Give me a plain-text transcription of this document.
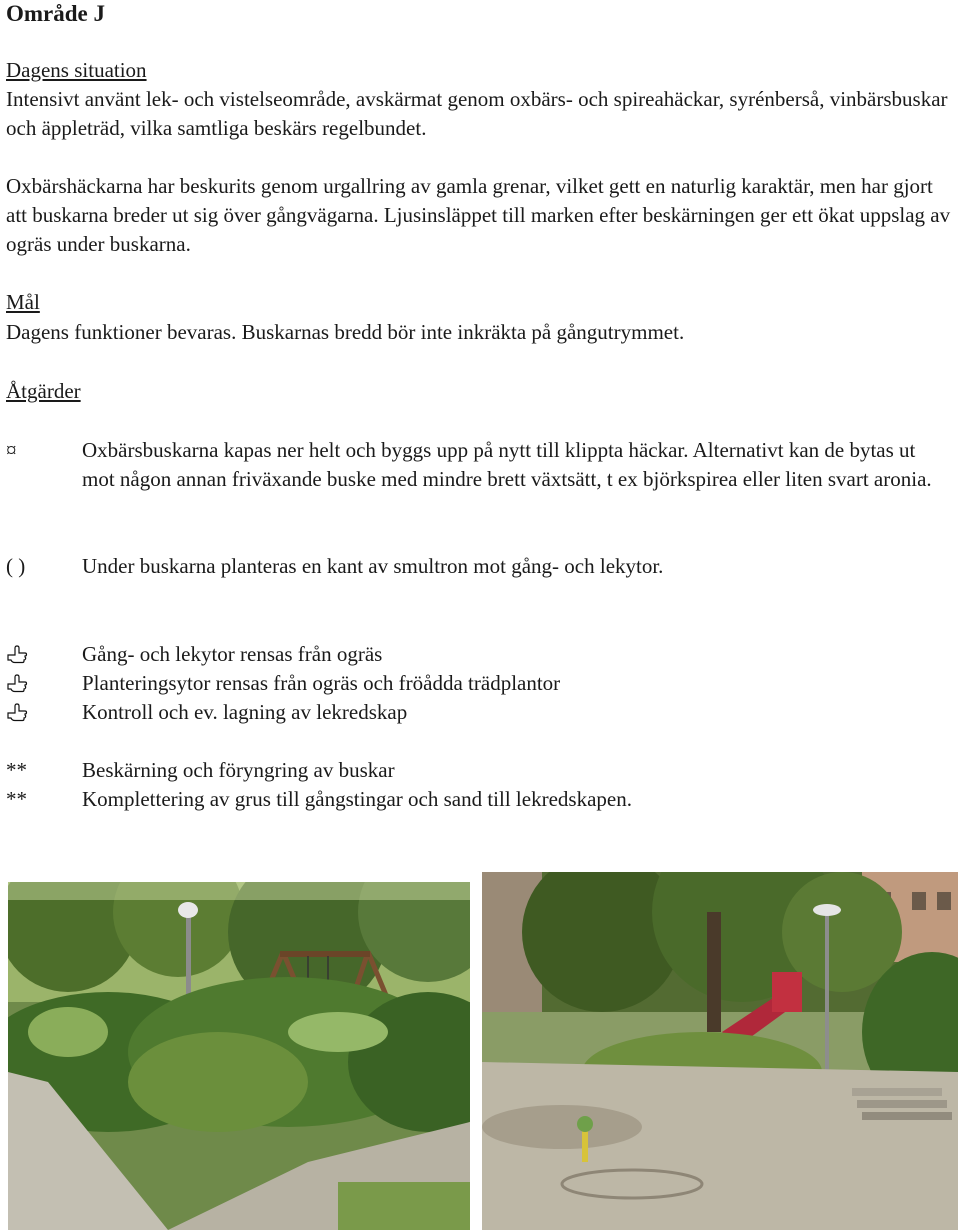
Område J
Dagens situation

Intensivt använt lek- och vistelseområde, avskärmat genom oxbärs- och spireahäckar, syrénberså, vinbärsbuskar och äppleträd, vilka samtliga beskärs regelbundet.

Oxbärshäckarna har beskurits genom urgallring av gamla grenar, vilket gett en naturlig karaktär, men har gjort att buskarna breder ut sig över gångvägarna. Ljusinsläppet till marken efter beskärningen ger ett ökat uppslag av ogräs under buskarna.

Mål

Dagens funktioner bevaras. Buskarnas bredd bör inte inkräkta på gångutrymmet.

Åtgärder
¤	Oxbärsbuskarna kapas ner helt och byggs upp på nytt till klippta häckar. Alternativt kan de bytas ut mot någon annan friväxande buske med mindre brett växtsätt, t ex björkspirea eller liten svart aronia.
( )	Under buskarna planteras en kant av smultron mot gång- och lekytor.
Gång- och lekytor rensas från ogräs
Planteringsytor rensas från ogräs och fröådda trädplantor
Kontroll och ev. lagning av lekredskap
**	Beskärning och föryngring av buskar
**	Komplettering av grus till gångstingar och sand till lekredskapen.
